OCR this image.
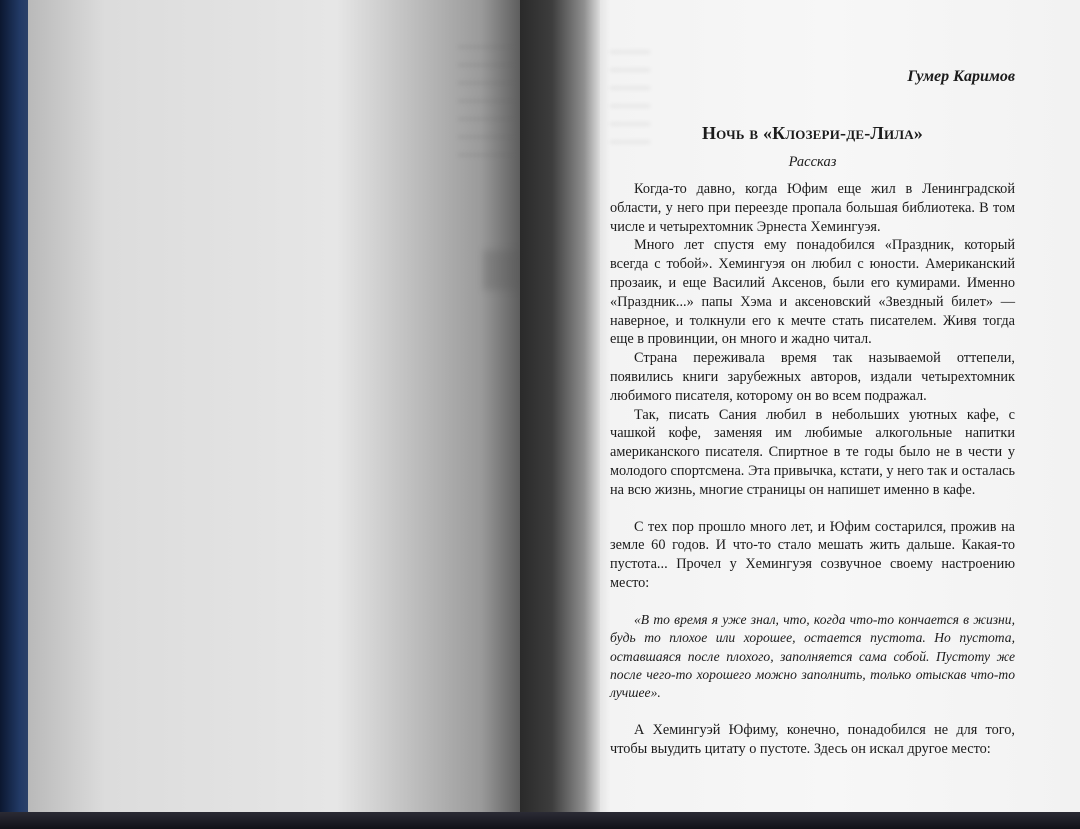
Гумер Каримов
Ночь в «Клозери-де-Лила»
Рассказ

Когда-то давно, когда Юфим еще жил в Ленинградской области, у него при переезде пропала большая библиотека. В том числе и четырехтомник Эрнеста Хемингуэя.

Много лет спустя ему понадобился «Праздник, который всегда с тобой». Хемингуэя он любил с юности. Американский прозаик, и еще Василий Аксенов, были его кумирами. Именно «Праздник...» папы Хэма и аксеновский «Звездный билет» — наверное, и толкнули его к мечте стать писателем. Живя тогда еще в провинции, он много и жадно читал.

Страна переживала время так называемой оттепели, появились книги зарубежных авторов, издали четырехтомник любимого писателя, которому он во всем подражал.

Так, писать Сания любил в небольших уютных кафе, с чашкой кофе, заменяя им любимые алкогольные напитки американского писателя. Спиртное в те годы было не в чести у молодого спортсмена. Эта привычка, кстати, у него так и осталась на всю жизнь, многие страницы он напишет именно в кафе.

С тех пор прошло много лет, и Юфим состарился, прожив на земле 60 годов. И что-то стало мешать жить дальше. Какая-то пустота... Прочел у Хемингуэя созвучное своему настроению место:

«В то время я уже знал, что, когда что-то кончается в жизни, будь то плохое или хорошее, остается пустота. Но пустота, оставшаяся после плохого, заполняется сама собой. Пустоту же после чего-то хорошего можно заполнить, только отыскав что-то лучшее».

А Хемингуэй Юфиму, конечно, понадобился не для того, чтобы выудить цитату о пустоте. Здесь он искал другое место:
